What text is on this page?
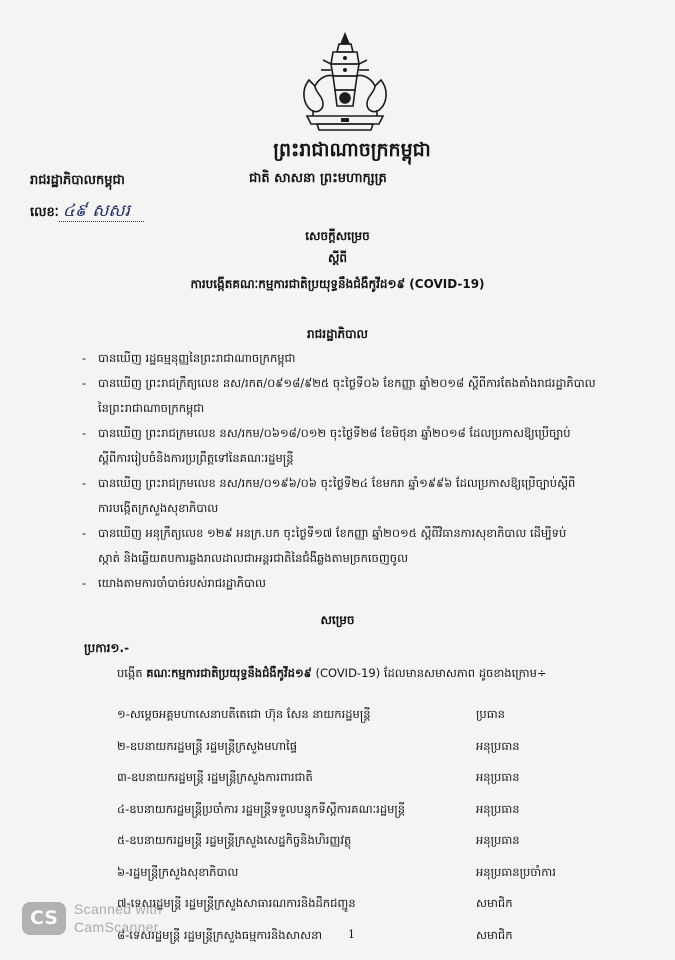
ព្រះរាជាណាចក្រកម្ពុជា
ជាតិ សាសនា ព្រះមហាក្សត្រ
រាជរដ្ឋាភិបាលកម្ពុជា
លេខៈ ៤៩ សសរ
សេចក្ដីសម្រេច
ស្ដីពី
ការបង្កើតគណៈកម្មការជាតិប្រយុទ្ធនឹងជំងឺកូវីដ១៩ (COVID-19)
រាជរដ្ឋាភិបាល
- បានឃើញ រដ្ឋធម្មនុញ្ញនៃព្រះរាជាណាចក្រកម្ពុជា
- បានឃើញ ព្រះរាជក្រឹត្យលេខ នស/រកត/០៩១៨/៩២៥ ចុះថ្ងៃទី០៦ ខែកញ្ញា ឆ្នាំ២០១៨ ស្ដីពីការតែងតាំងរាជរដ្ឋាភិបាល
នៃព្រះរាជាណាចក្រកម្ពុជា
- បានឃើញ ព្រះរាជក្រមលេខ នស/រកម/០៦១៨/០១២ ចុះថ្ងៃទី២៨ ខែមិថុនា ឆ្នាំ២០១៨ ដែលប្រកាសឱ្យប្រើច្បាប់
ស្ដីពីការរៀបចំនិងការប្រព្រឹត្តទៅនៃគណៈរដ្ឋមន្ត្រី
- បានឃើញ ព្រះរាជក្រមលេខ នស/រកម/០១៩៦/០៦ ចុះថ្ងៃទី២៤ ខែមករា ឆ្នាំ១៩៩៦ ដែលប្រកាសឱ្យប្រើច្បាប់ស្ដីពី
ការបង្កើតក្រសួងសុខាភិបាល
- បានឃើញ អនុក្រឹត្យលេខ ១២៩ អនក្រ.បក ចុះថ្ងៃទី១៧ ខែកញ្ញា ឆ្នាំ២០១៥ ស្ដីពីវិធានការសុខាភិបាល ដើម្បីទប់
ស្កាត់ និងឆ្លើយតបការឆ្លងរាលដាលជាអន្តរជាតិនៃជំងឺឆ្លងតាមច្រកចេញចូល
- យោងតាមការចាំបាច់របស់រាជរដ្ឋាភិបាល
សម្រេច
ប្រការ១.-
បង្កើត គណៈកម្មការជាតិប្រយុទ្ធនឹងជំងឺកូវីដ១៩ (COVID-19) ដែលមានសមាសភាព ដូចខាងក្រោម÷
១-សម្ដេចអគ្គមហាសេនាបតីតេជោ ហ៊ុន សែន នាយករដ្ឋមន្ត្រី	ប្រធាន
២-ឧបនាយករដ្ឋមន្ត្រី រដ្ឋមន្ត្រីក្រសួងមហាផ្ទៃ	អនុប្រធាន
៣-ឧបនាយករដ្ឋមន្ត្រី រដ្ឋមន្ត្រីក្រសួងការពារជាតិ	អនុប្រធាន
៤-ឧបនាយករដ្ឋមន្ត្រីប្រចាំការ រដ្ឋមន្ត្រីទទួលបន្ទុកទីស្ដីការគណៈរដ្ឋមន្ត្រី	អនុប្រធាន
៥-ឧបនាយករដ្ឋមន្ត្រី រដ្ឋមន្ត្រីក្រសួងសេដ្ឋកិច្ចនិងហិរញ្ញវត្ថុ	អនុប្រធាន
៦-រដ្ឋមន្ត្រីក្រសួងសុខាភិបាល	អនុប្រធានប្រចាំការ
៧-ទេសរដ្ឋមន្ត្រី រដ្ឋមន្ត្រីក្រសួងសាធារណការនិងដឹកជញ្ជូន	សមាជិក
៨-ទេសរដ្ឋមន្ត្រី រដ្ឋមន្ត្រីក្រសួងធម្មការនិងសាសនា	សមាជិក
CS	Scanned with
CamScanner	1
